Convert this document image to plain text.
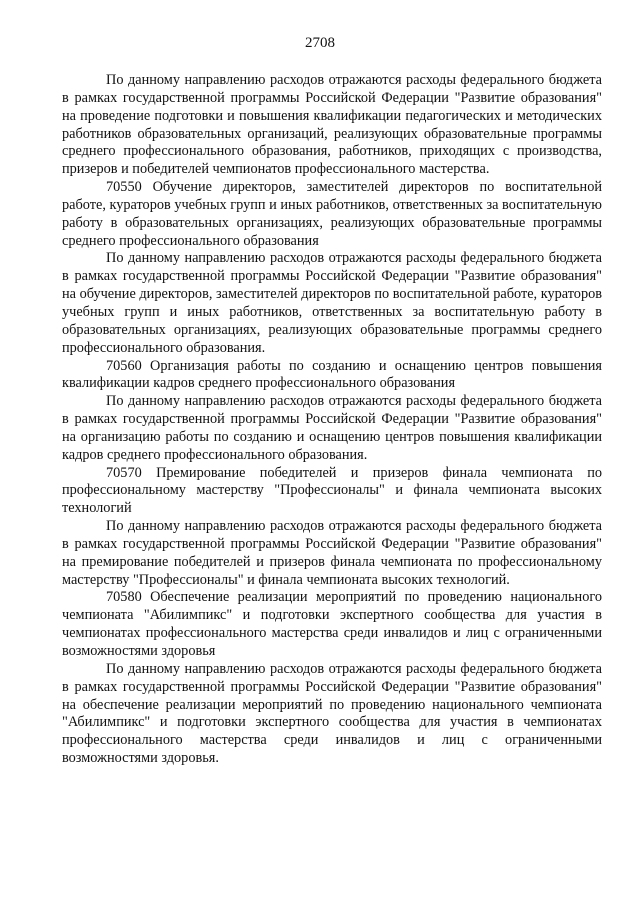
2708

По данному направлению расходов отражаются расходы федерального бюджета в рамках государственной программы Российской Федерации "Развитие образования" на проведение подготовки и повышения квалификации педагогических и методических работников образовательных организаций, реализующих образовательные программы среднего профессионального образования, работников, приходящих с производства, призеров и победителей чемпионатов профессионального мастерства.

70550 Обучение директоров, заместителей директоров по воспитательной работе, кураторов учебных групп и иных работников, ответственных за воспитательную работу в образовательных организациях, реализующих образовательные программы среднего профессионального образования

По данному направлению расходов отражаются расходы федерального бюджета в рамках государственной программы Российской Федерации "Развитие образования" на обучение директоров, заместителей директоров по воспитательной работе, кураторов учебных групп и иных работников, ответственных за воспитательную работу в образовательных организациях, реализующих образовательные программы среднего профессионального образования.

70560 Организация работы по созданию и оснащению центров повышения квалификации кадров среднего профессионального образования

По данному направлению расходов отражаются расходы федерального бюджета в рамках государственной программы Российской Федерации "Развитие образования" на организацию работы по созданию и оснащению центров повышения квалификации кадров среднего профессионального образования.

70570 Премирование победителей и призеров финала чемпионата по профессиональному мастерству "Профессионалы" и финала чемпионата высоких технологий

По данному направлению расходов отражаются расходы федерального бюджета в рамках государственной программы Российской Федерации "Развитие образования" на премирование победителей и призеров финала чемпионата по профессиональному мастерству "Профессионалы" и финала чемпионата высоких технологий.

70580 Обеспечение реализации мероприятий по проведению национального чемпионата "Абилимпикс" и подготовки экспертного сообщества для участия в чемпионатах профессионального мастерства среди инвалидов и лиц с ограниченными возможностями здоровья

По данному направлению расходов отражаются расходы федерального бюджета в рамках государственной программы Российской Федерации "Развитие образования" на обеспечение реализации мероприятий по проведению национального чемпионата "Абилимпикс" и подготовки экспертного сообщества для участия в чемпионатах профессионального мастерства среди инвалидов и лиц с ограниченными возможностями здоровья.
